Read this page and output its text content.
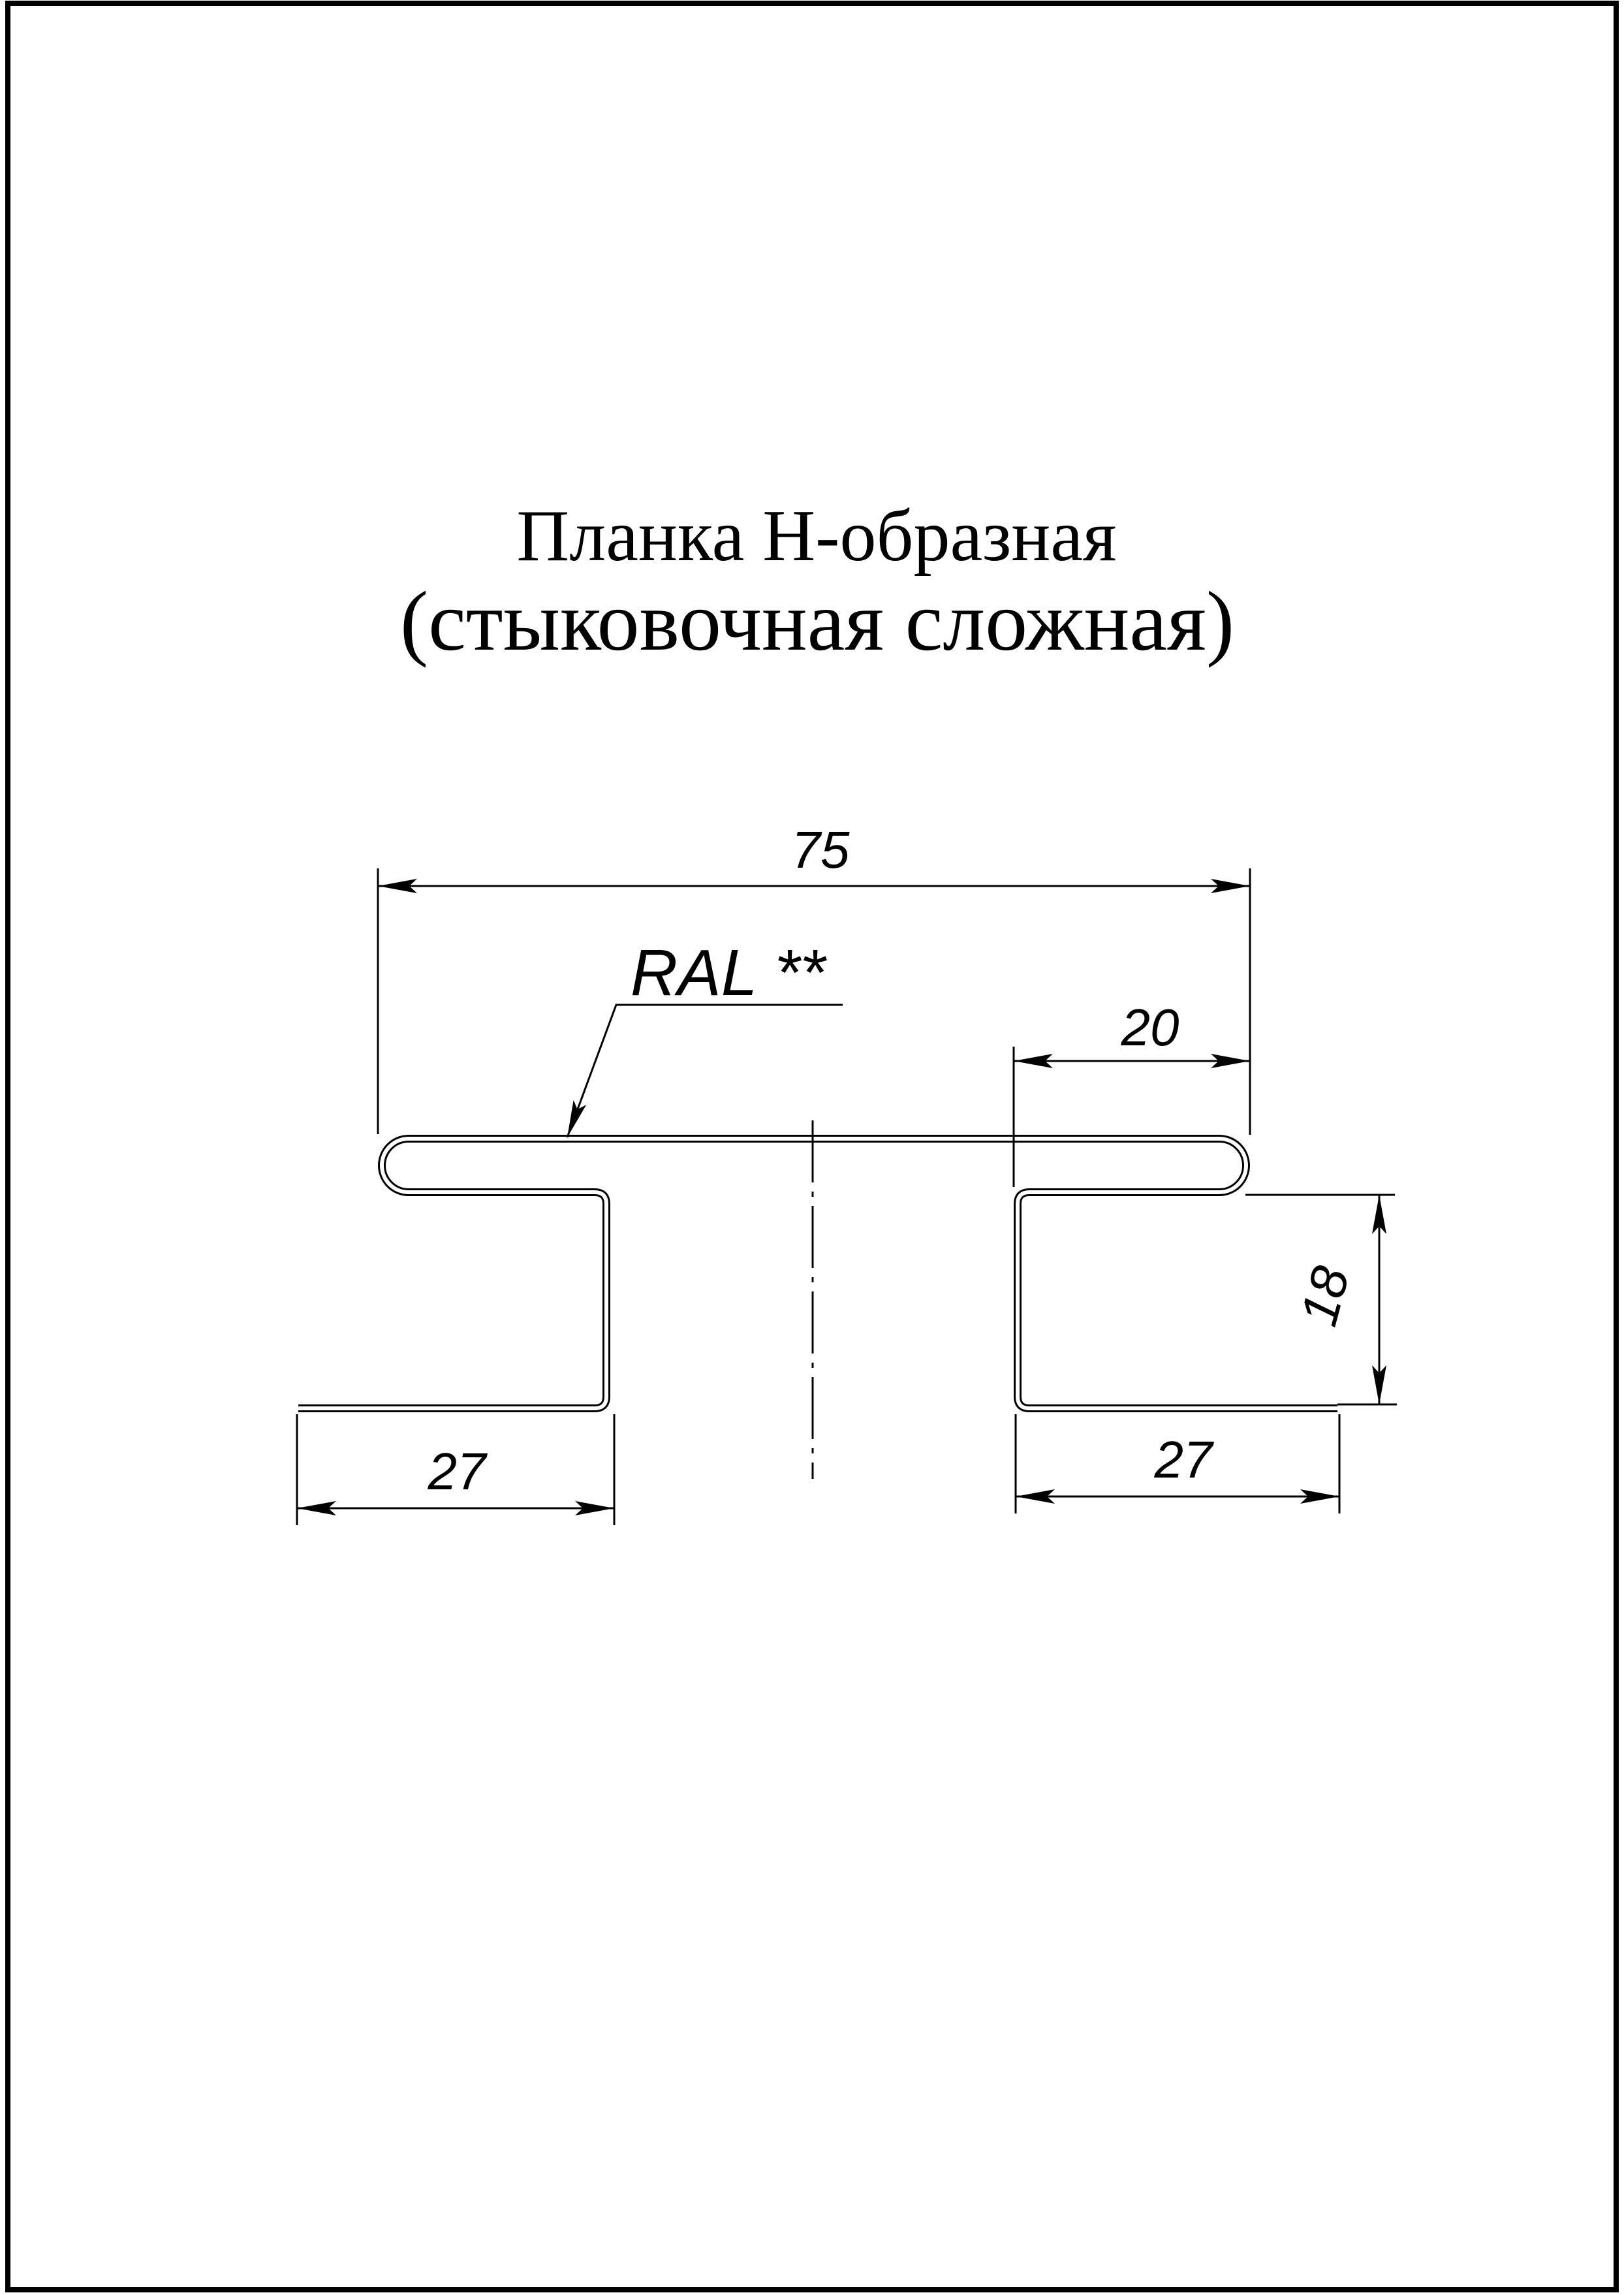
Планка Н-образная
(стыковочная сложная)
75
20
18
27	27
RAL **
